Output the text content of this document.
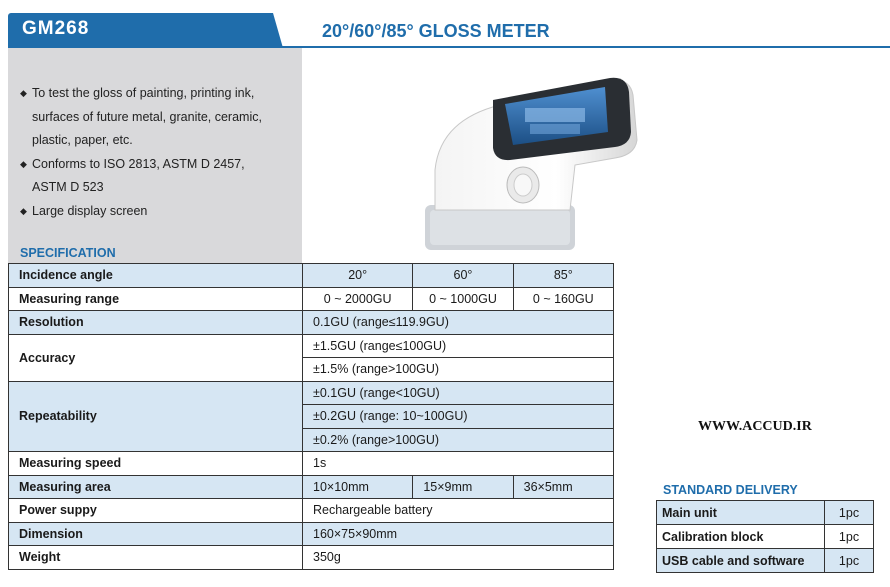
GM268	20°/60°/85° GLOSS METER
◆ To test the gloss of painting, printing ink,
surfaces of future metal, granite, ceramic,
plastic, paper, etc.
◆ Conforms to ISO 2813, ASTM D 2457,
ASTM D 523
◆ Large display screen
SPECIFICATION
Incidence angle	20°	60°	85°
Measuring range	0 ~ 2000GU	0 ~ 1000GU	0 ~ 160GU
Resolution	0.1GU (range≤119.9GU)		
Accuracy	±1.5GU (range≤100GU)		
	±1.5% (range>100GU)		
Repeatability	±0.1GU (range<10GU)		
	±0.2GU (range: 10~100GU)		
	±0.2% (range>100GU)		
Measuring speed	1s		
Measuring area	10×10mm	15×9mm	36×5mm
Power suppy	Rechargeable battery		
Dimension	160×75×90mm		
Weight	350g		
WWW.ACCUD.IR
STANDARD DELIVERY
Main unit	1pc
Calibration block	1pc
USB cable and software	1pc
